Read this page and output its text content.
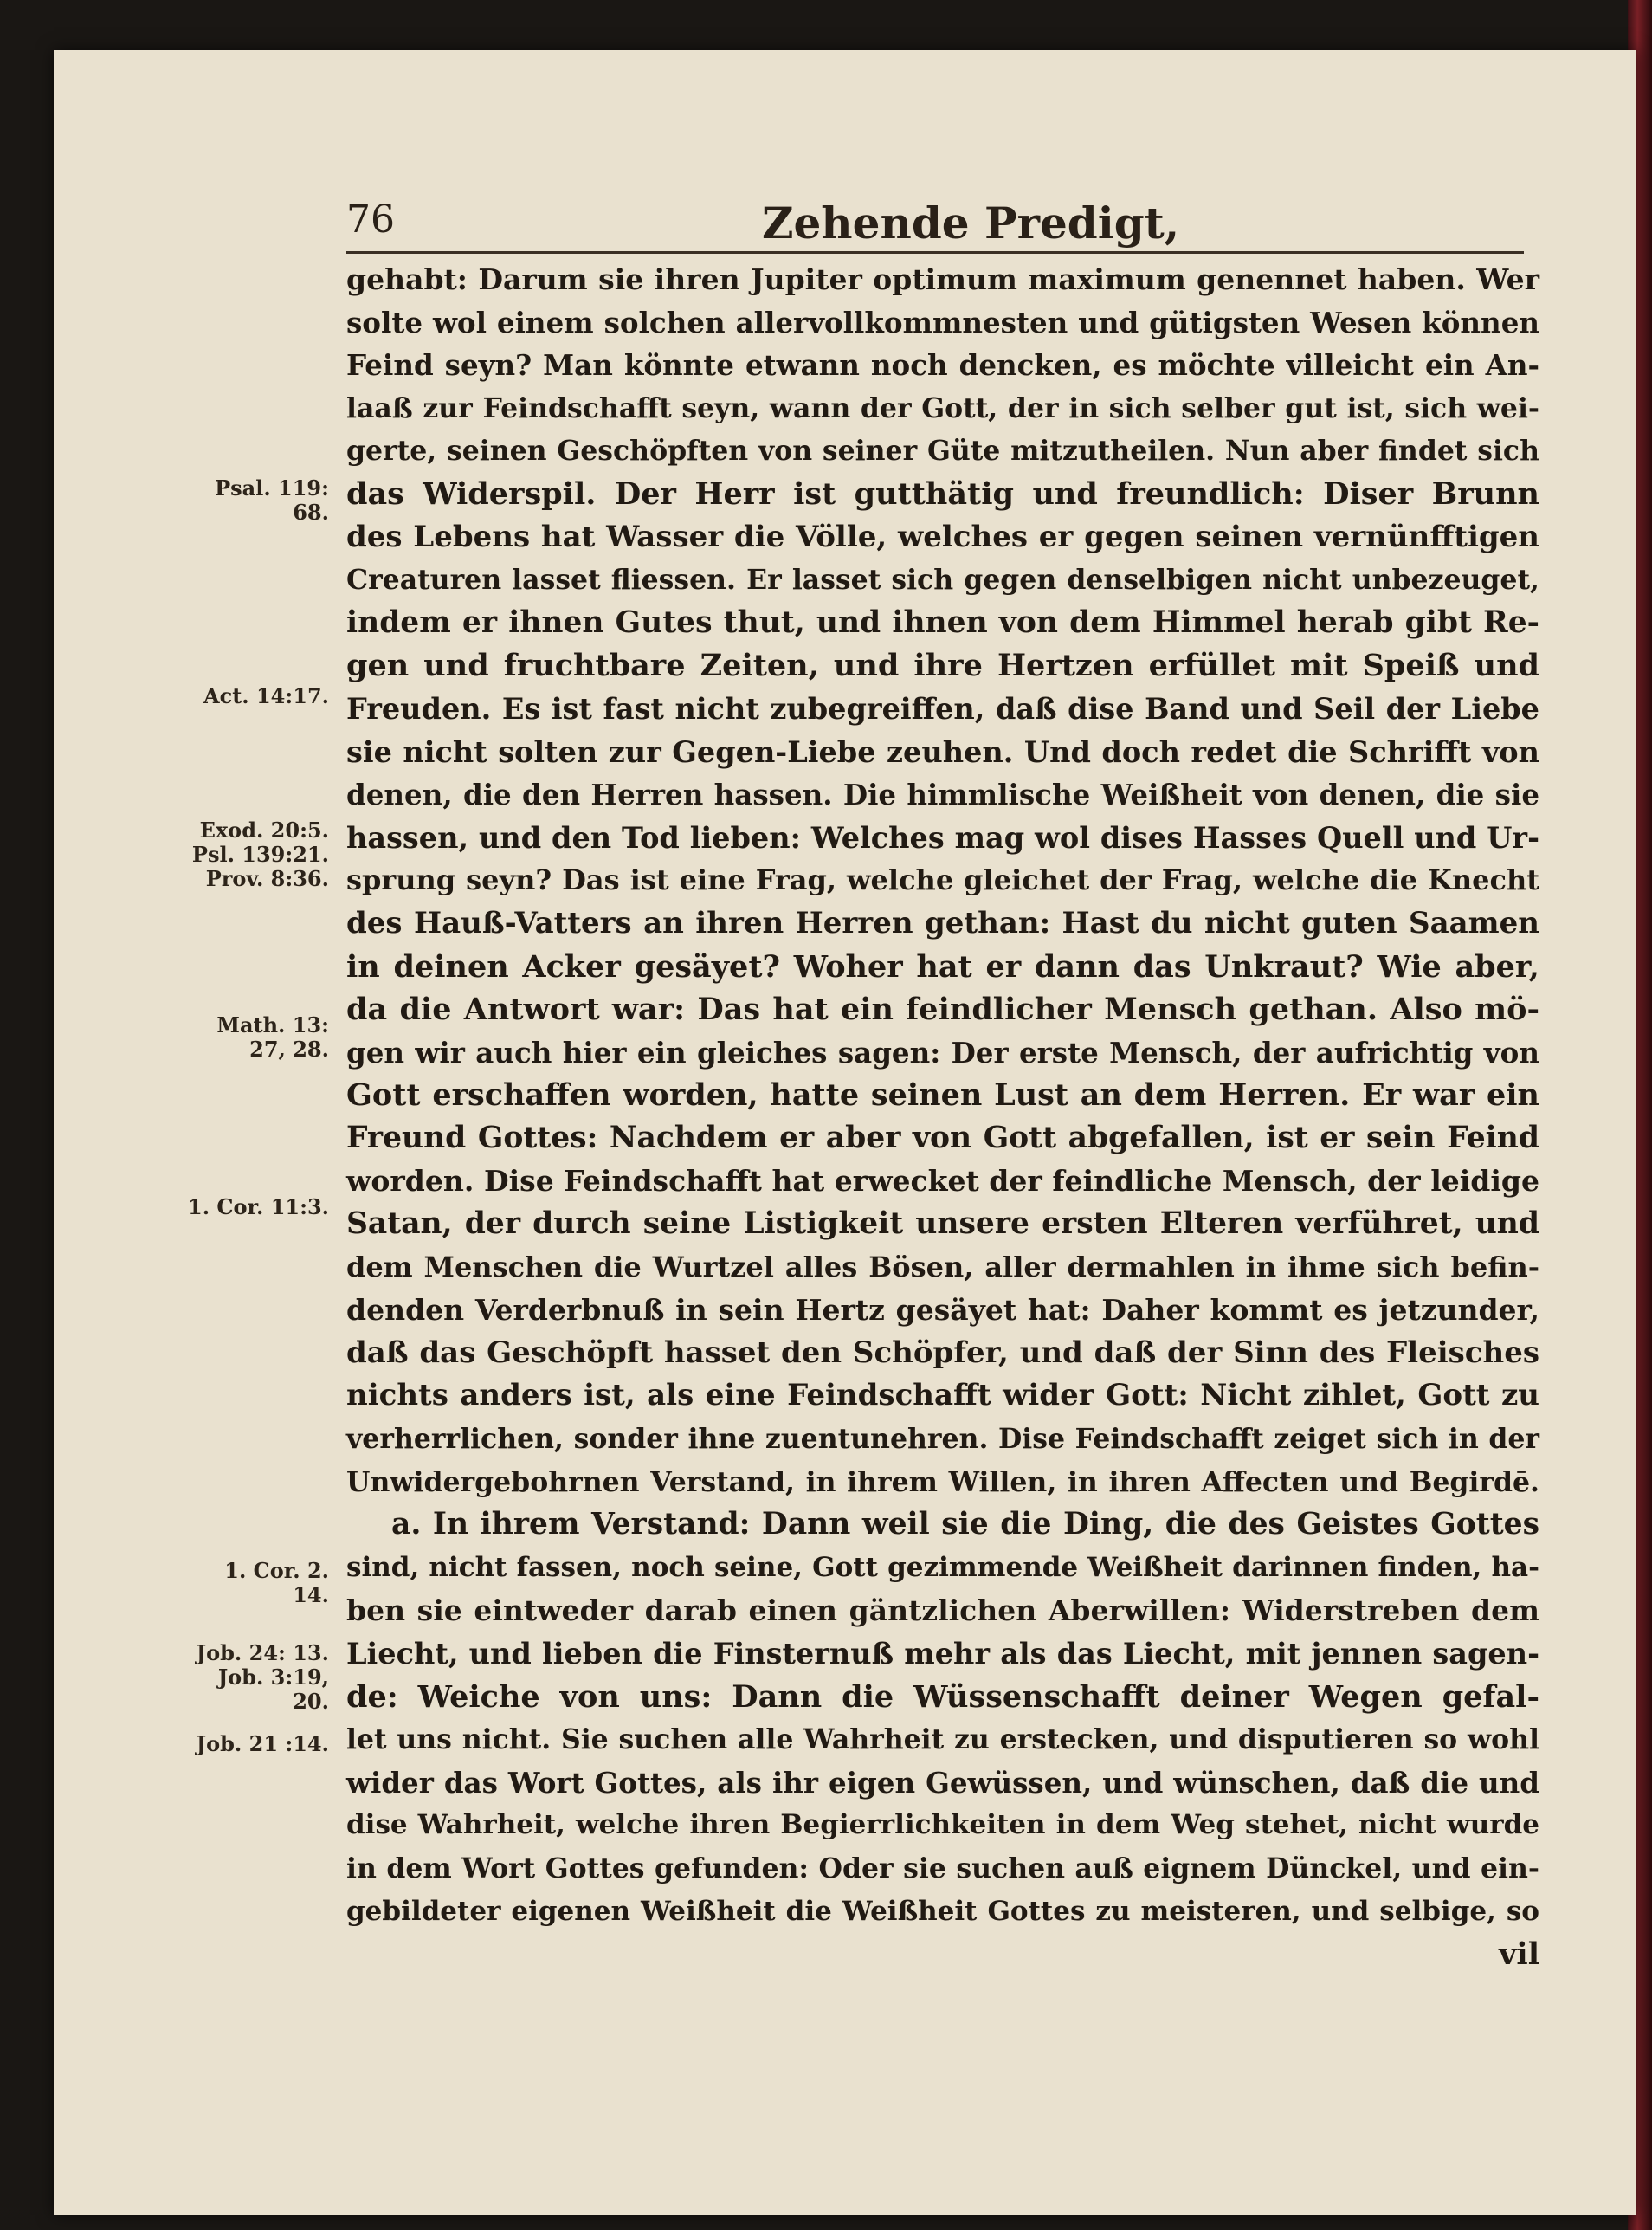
76	Zehende Predigt,
gehabt: Darum sie ihren Jupiter optimum maximum genennet haben. Wer
solte wol einem solchen allervollkommnesten und gütigsten Wesen können
Feind seyn? Man könnte etwann noch dencken, es möchte villeicht ein An-
laaß zur Feindschafft seyn, wann der Gott, der in sich selber gut ist, sich wei-
gerte, seinen Geschöpften von seiner Güte mitzutheilen. Nun aber findet sich
das Widerspil. Der Herr ist gutthätig und freundlich: Diser Brunn
des Lebens hat Wasser die Völle, welches er gegen seinen vernünfftigen
Creaturen lasset fliessen. Er lasset sich gegen denselbigen nicht unbezeuget,
indem er ihnen Gutes thut, und ihnen von dem Himmel herab gibt Re-
gen und fruchtbare Zeiten, und ihre Hertzen erfüllet mit Speiß und
Freuden. Es ist fast nicht zubegreiffen, daß dise Band und Seil der Liebe
sie nicht solten zur Gegen-Liebe zeuhen. Und doch redet die Schrifft von
denen, die den Herren hassen. Die himmlische Weißheit von denen, die sie
hassen, und den Tod lieben: Welches mag wol dises Hasses Quell und Ur-
sprung seyn? Das ist eine Frag, welche gleichet der Frag, welche die Knecht
des Hauß-Vatters an ihren Herren gethan: Hast du nicht guten Saamen
in deinen Acker gesäyet? Woher hat er dann das Unkraut? Wie aber,
da die Antwort war: Das hat ein feindlicher Mensch gethan. Also mö-
gen wir auch hier ein gleiches sagen: Der erste Mensch, der aufrichtig von
Gott erschaffen worden, hatte seinen Lust an dem Herren. Er war ein
Freund Gottes: Nachdem er aber von Gott abgefallen, ist er sein Feind
worden. Dise Feindschafft hat erwecket der feindliche Mensch, der leidige
Satan, der durch seine Listigkeit unsere ersten Elteren verführet, und
dem Menschen die Wurtzel alles Bösen, aller dermahlen in ihme sich befin-
denden Verderbnuß in sein Hertz gesäyet hat: Daher kommt es jetzunder,
daß das Geschöpft hasset den Schöpfer, und daß der Sinn des Fleisches
nichts anders ist, als eine Feindschafft wider Gott: Nicht zihlet, Gott zu
verherrlichen, sonder ihne zuentunehren. Dise Feindschafft zeiget sich in der
Unwidergebohrnen Verstand, in ihrem Willen, in ihren Affecten und Begirdē.
a. In ihrem Verstand: Dann weil sie die Ding, die des Geistes Gottes
sind, nicht fassen, noch seine, Gott gezimmende Weißheit darinnen finden, ha-
ben sie eintweder darab einen gäntzlichen Aberwillen: Widerstreben dem
Liecht, und lieben die Finsternuß mehr als das Liecht, mit jennen sagen-
de: Weiche von uns: Dann die Wüssenschafft deiner Wegen gefal-
let uns nicht. Sie suchen alle Wahrheit zu erstecken, und disputieren so wohl
wider das Wort Gottes, als ihr eigen Gewüssen, und wünschen, daß die und
dise Wahrheit, welche ihren Begierrlichkeiten in dem Weg stehet, nicht wurde
in dem Wort Gottes gefunden: Oder sie suchen auß eignem Dünckel, und ein-
gebildeter eigenen Weißheit die Weißheit Gottes zu meisteren, und selbige, so
vil
Psal. 119: 68.
Act. 14:17.
Exod. 20:5. Psl. 139:21. Prov. 8:36.
Math. 13: 27, 28.
1. Cor. 11:3.
1. Cor. 2. 14.
Job. 24: 13. Job. 3:19, 20.
Job. 21 :14.
